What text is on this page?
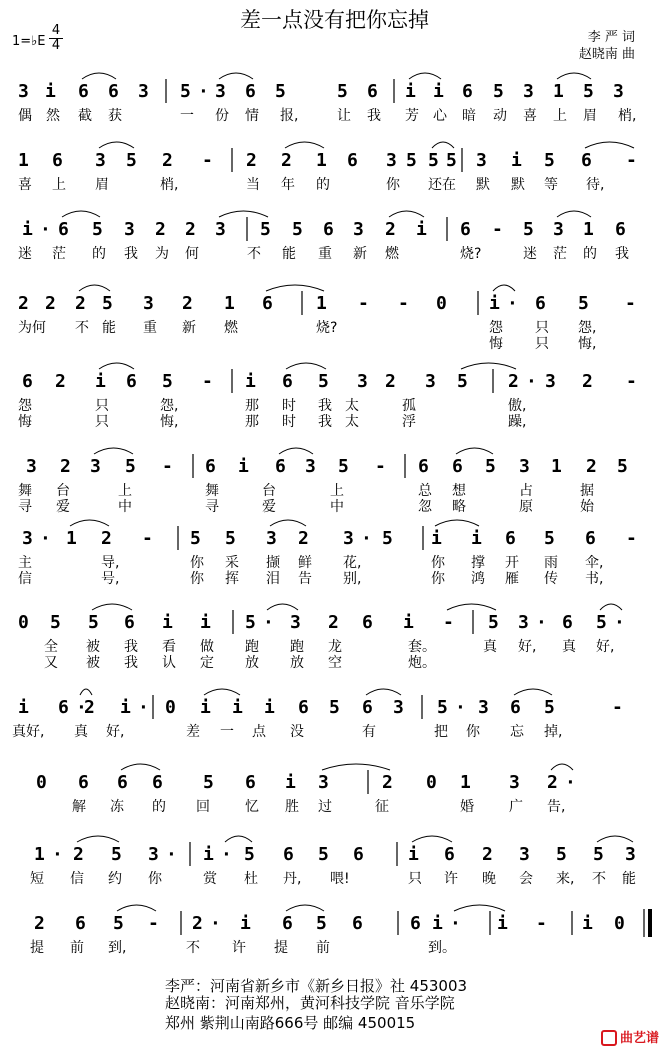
差一点没有把你忘掉
1=♭E
4
4
李 严 词
赵晓南 曲
3 i 6 6 3 5 · 3 6 5	5 6 i i 6 5 3 1 5 3
偶 然 截 获	一 份 情 报,	让 我 芳 心 暗 动 喜 上 眉 梢,
1 6 3 5 2 - 2 2 1 6 3 5 5 5 3 i 5 6 -
喜 上 眉	梢,	当 年 的	你 还在 默 默 等 待,
i · 6 5 3 2 2 3 5 5 6 3 2 i 6 - 5 3 1 6
迷 茫 的 我 为 何	不 能 重 新 燃	烧?	迷 茫 的 我
2 2 2 5 3 2 1 6 1 - - 0 i · 6 5 -
为何 不 能 重 新 燃	烧?	怨 只 怨,
悔 只 悔,
6 2 i 6 5 - i 6 5 3 2 3 5 2 · 3 2 -
怨	只	怨,	那 时 我 太	孤	傲,
悔	只	悔,	那 时 我 太	浮	躁,
3 2 3 5 - 6 i 6 3 5 - 6 6 5 3 1 2 5
舞 台	上	舞	台	上	总 想	占	据
寻 爱	中	寻	爱	中	忽 略	原	始
3 · 1 2 - 5 5 3 2 3 · 5 i i 6 5 6 -
主	导,	你 采 撷 鲜 花,	你 撑 开 雨 伞,
信	号,	你 挥 泪 告 别,	你 鸿 雁 传 书,
0 5 5 6 i i 5 · 3 2 6 i - 5 3 · 6 5 ·
全 被 我 看 做 跑 跑 龙	套。	真 好, 真 好,
又 被 我 认 定 放 放 空	炮。
i 6 ·
2 i · 0 i i i 6 5 6 3 5 · 3 6 5	-
真好, 真 好,	差 一 点 没	有	把 你 忘 掉,
0 6 6 6 5 6 i 3	2 0 1 3 2 ·
解 冻 的 回	忆 胜 过	征	婚	广 告,
1 · 2 5 3 · i · 5 6 5 6 i 6 2 3 5 5 3
短 信 约 你	赏 杜 丹, 喂!	只 许 晚 会 来, 不 能
2 6 5 - 2 · i 6 5 6	6 i · i - i 0
提 前 到,	不 许 提 前	到。
李严：河南省新乡市《新乡日报》社 453003
赵晓南：河南郑州，黄河科技学院 音乐学院
郑州 紫荆山南路666号 邮编 450015
曲艺谱
